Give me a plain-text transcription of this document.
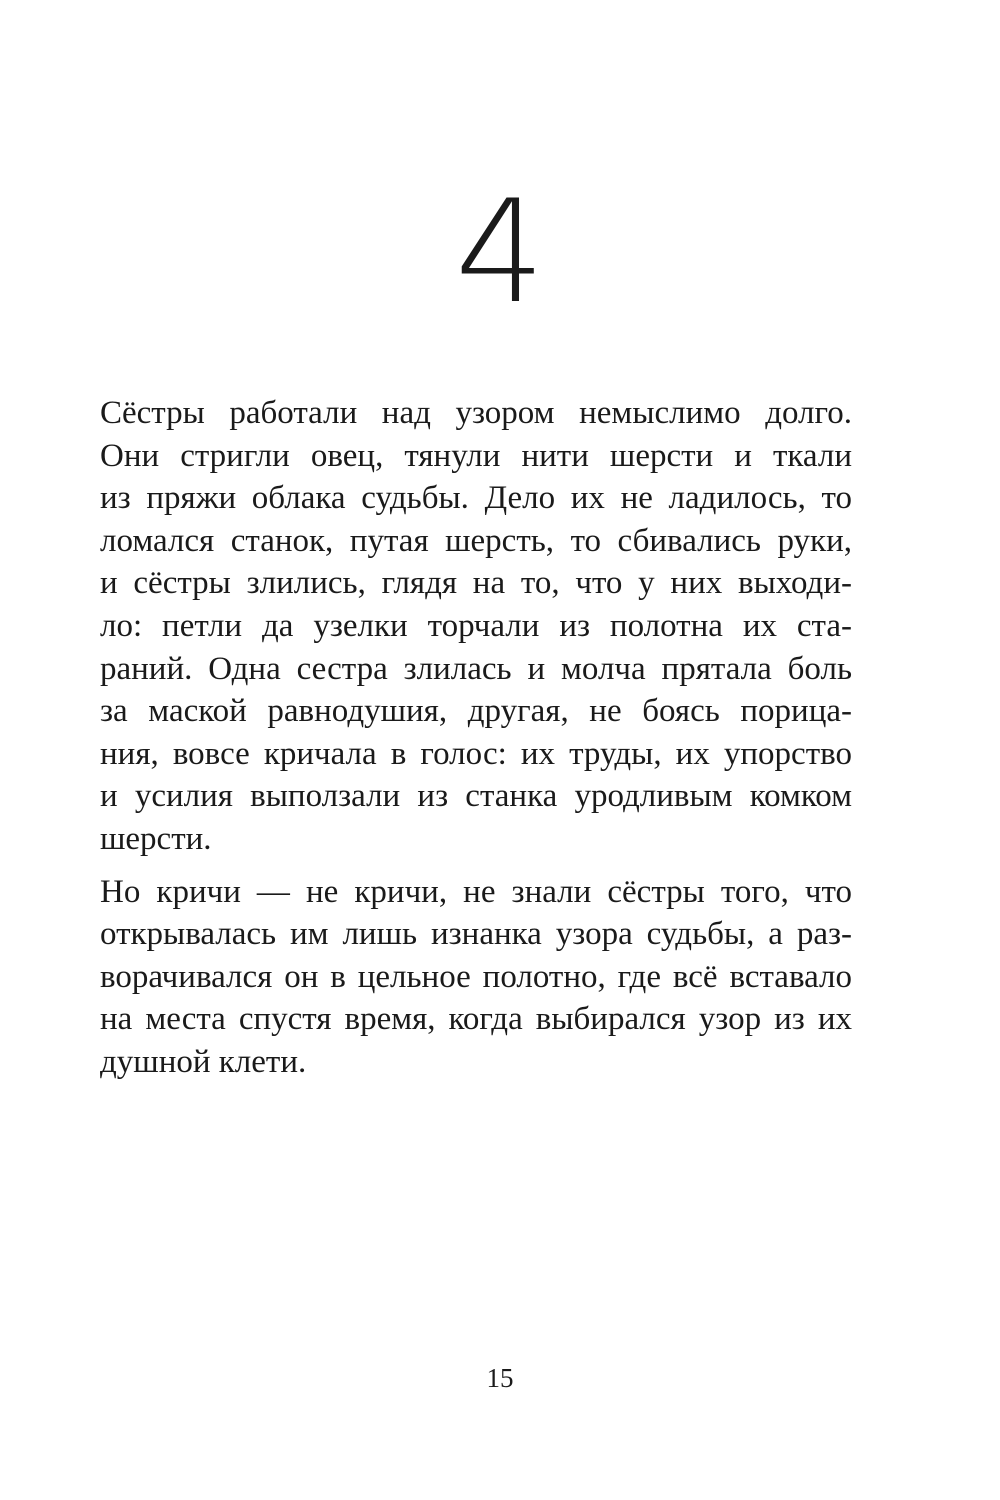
4

Сёстры работали над узором немыслимо долго.
Они стригли овец, тянули нити шерсти и ткали
из пряжи облака судьбы. Дело их не ладилось, то
ломался станок, путая шерсть, то сбивались руки,
и сёстры злились, глядя на то, что у них выходи-
ло: петли да узелки торчали из полотна их ста-
раний. Одна сестра злилась и молча прятала боль
за маской равнодушия, другая, не боясь порица-
ния, вовсе кричала в голос: их труды, их упорство
и усилия выползали из станка уродливым комком
шерсти.

Но кричи — не кричи, не знали сёстры того, что
открывалась им лишь изнанка узора судьбы, а раз-
ворачивался он в цельное полотно, где всё вставало
на места спустя время, когда выбирался узор из их
душной клети.

15
